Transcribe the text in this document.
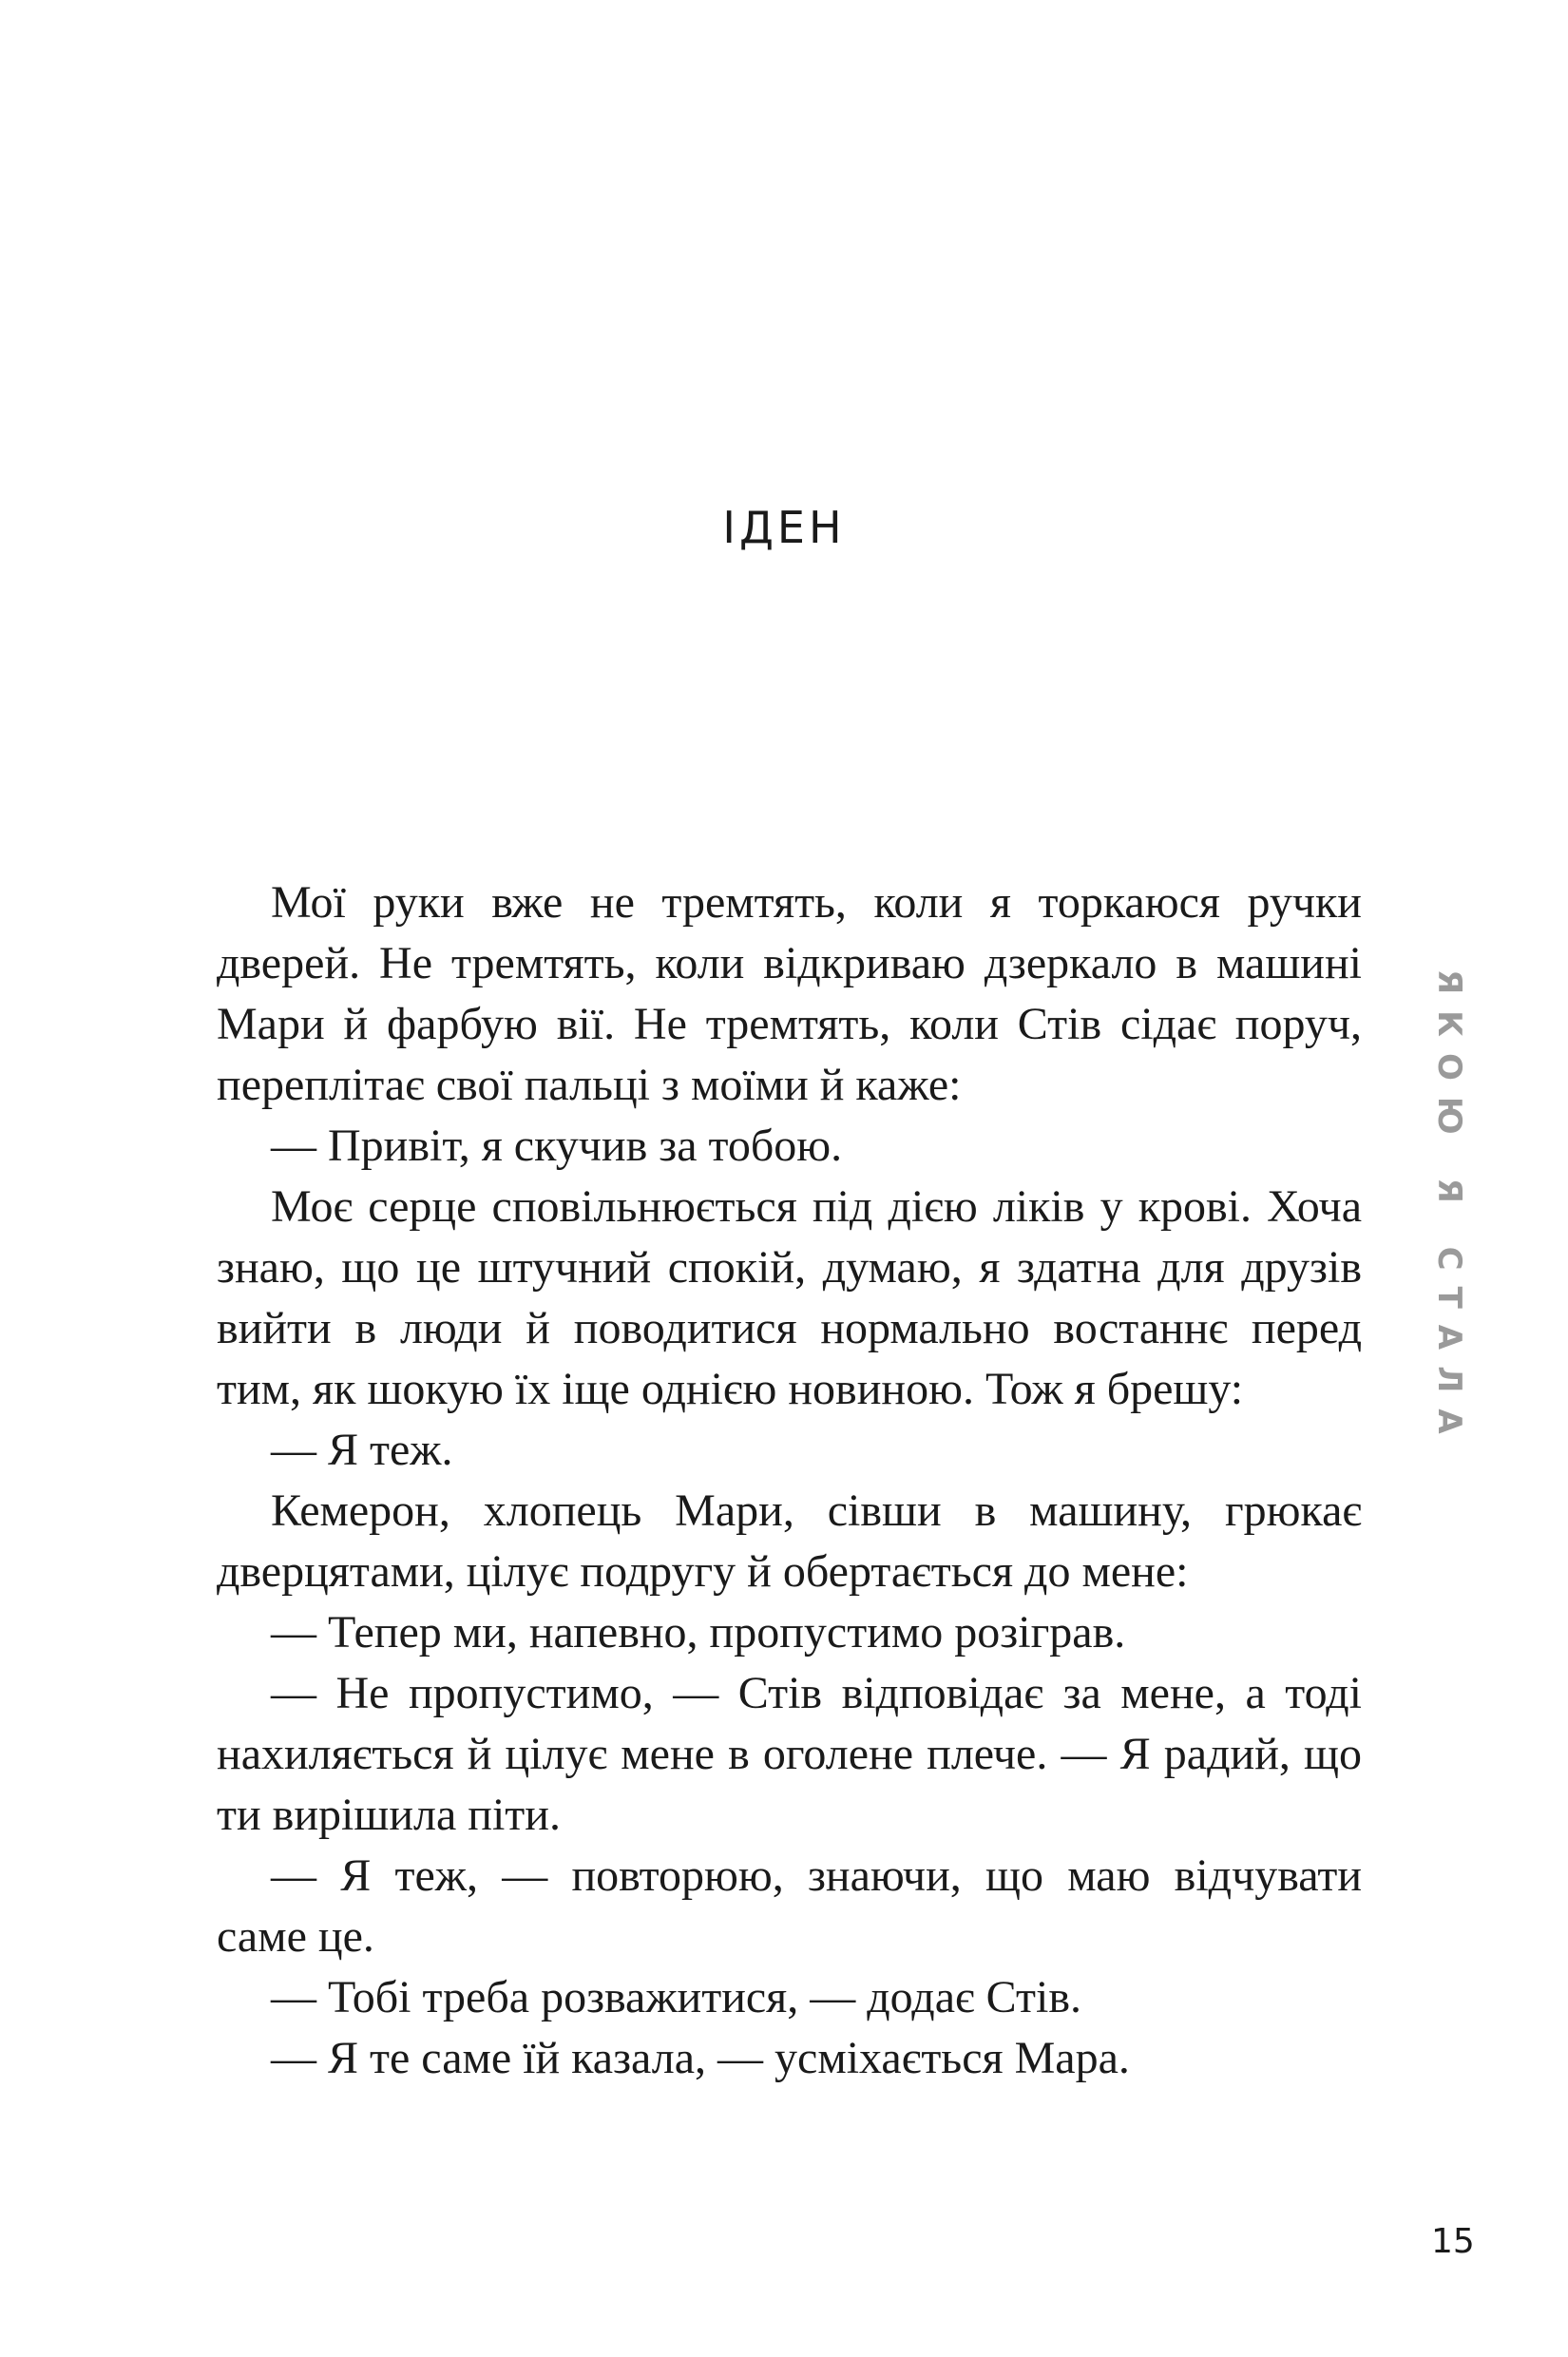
ІДЕН

Мої руки вже не тремтять, коли я торкаюся ручки дверей. Не тремтять, коли відкриваю дзеркало в машині Мари й фарбую вії. Не тремтять, коли Стів сідає поруч, переплітає свої пальці з моїми й каже:

— Привіт, я скучив за тобою.

Моє серце сповільнюється під дією ліків у крові. Хоча знаю, що це штучний спокій, думаю, я здатна для друзів вийти в люди й поводитися нормально востаннє перед тим, як шокую їх іще однією новиною. Тож я брешу:

— Я теж.

Кемерон, хлопець Мари, сівши в машину, грюкає дверцятами, цілує подругу й обертається до мене:

— Тепер ми, напевно, пропустимо розіграв.

— Не пропустимо, — Стів відповідає за мене, а тоді нахиляється й цілує мене в оголене плече. — Я радий, що ти вирішила піти.

— Я теж, — повторюю, знаючи, що маю відчувати саме це.

— Тобі треба розважитися, — додає Стів.

— Я те саме їй казала, — усміхається Мара.

ЯКОЮ Я СТАЛА
15
